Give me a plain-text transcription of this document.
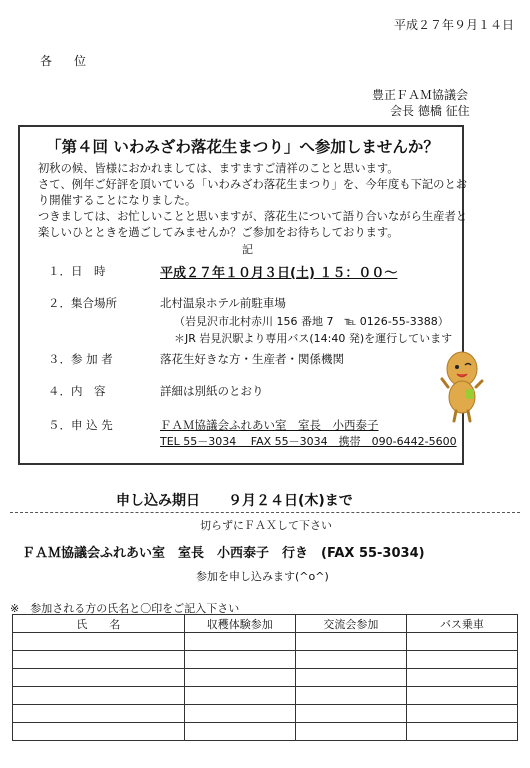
平成２７年９月１４日
各位
豊正ＦＡＭ協議会
会長 德橋 征住
「第４回 いわみざわ落花生まつり」へ参加しませんか？
初秋の候、皆様におかれましては、ますますご清祥のことと思います。
さて、例年ご好評を頂いている「いわみざわ落花生まつり」を、今年度も下記のとおり開催することになりました。
つきましては、お忙しいことと思いますが、落花生について語り合いながら生産者と楽しいひとときを過ごしてみませんか？ご参加をお待ちしております。
記
１．日　時	平成２７年１０月３日(土) １５：００～
２．集合場所	北村温泉ホテル前駐車場
（岩見沢市北村赤川 156 番地 7　℡ 0126-55-3388）
＊JR 岩見沢駅より専用バス(14:40 発)を運行しています
３．参 加 者	落花生好きな方・生産者・関係機関
４．内　容	詳細は別紙のとおり
５．申 込 先	ＦＡＭ協議会ふれあい室　室長　小西泰子
TEL 55－3034　 FAX 55－3034　携帯　090-6442-5600
申し込み期日　　９月２４日(木)まで
切らずにＦＡＸして下さい
ＦＡＭ協議会ふれあい室　室長　小西泰子　行き　(FAX 55-3034)
参加を申し込みます(^o^)
※　参加される方の氏名と〇印をご記入下さい
氏　　名	収穫体験参加	交流会参加	バス乗車
